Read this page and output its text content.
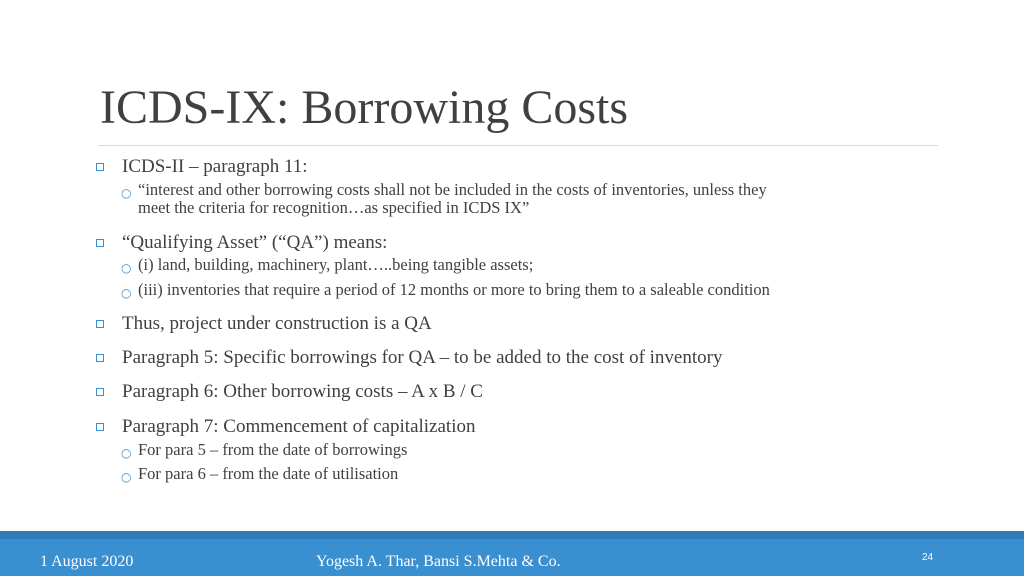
ICDS-IX: Borrowing Costs
ICDS-II – paragraph 11:
○ “interest and other borrowing costs shall not be included in the costs of inventories, unless they
meet the criteria for recognition…as specified in ICDS IX”
“Qualifying Asset” (“QA”) means:
○ (i) land, building, machinery, plant…..being tangible assets;
○ (iii) inventories that require a period of 12 months or more to bring them to a saleable condition
Thus, project under construction is a QA
Paragraph 5: Specific borrowings for QA – to be added to the cost of inventory
Paragraph 6: Other borrowing costs – A x B / C
Paragraph 7: Commencement of capitalization
○ For para 5 – from the date of borrowings
○ For para 6 – from the date of utilisation
1 August 2020	Yogesh A. Thar, Bansi S.Mehta & Co.	24
